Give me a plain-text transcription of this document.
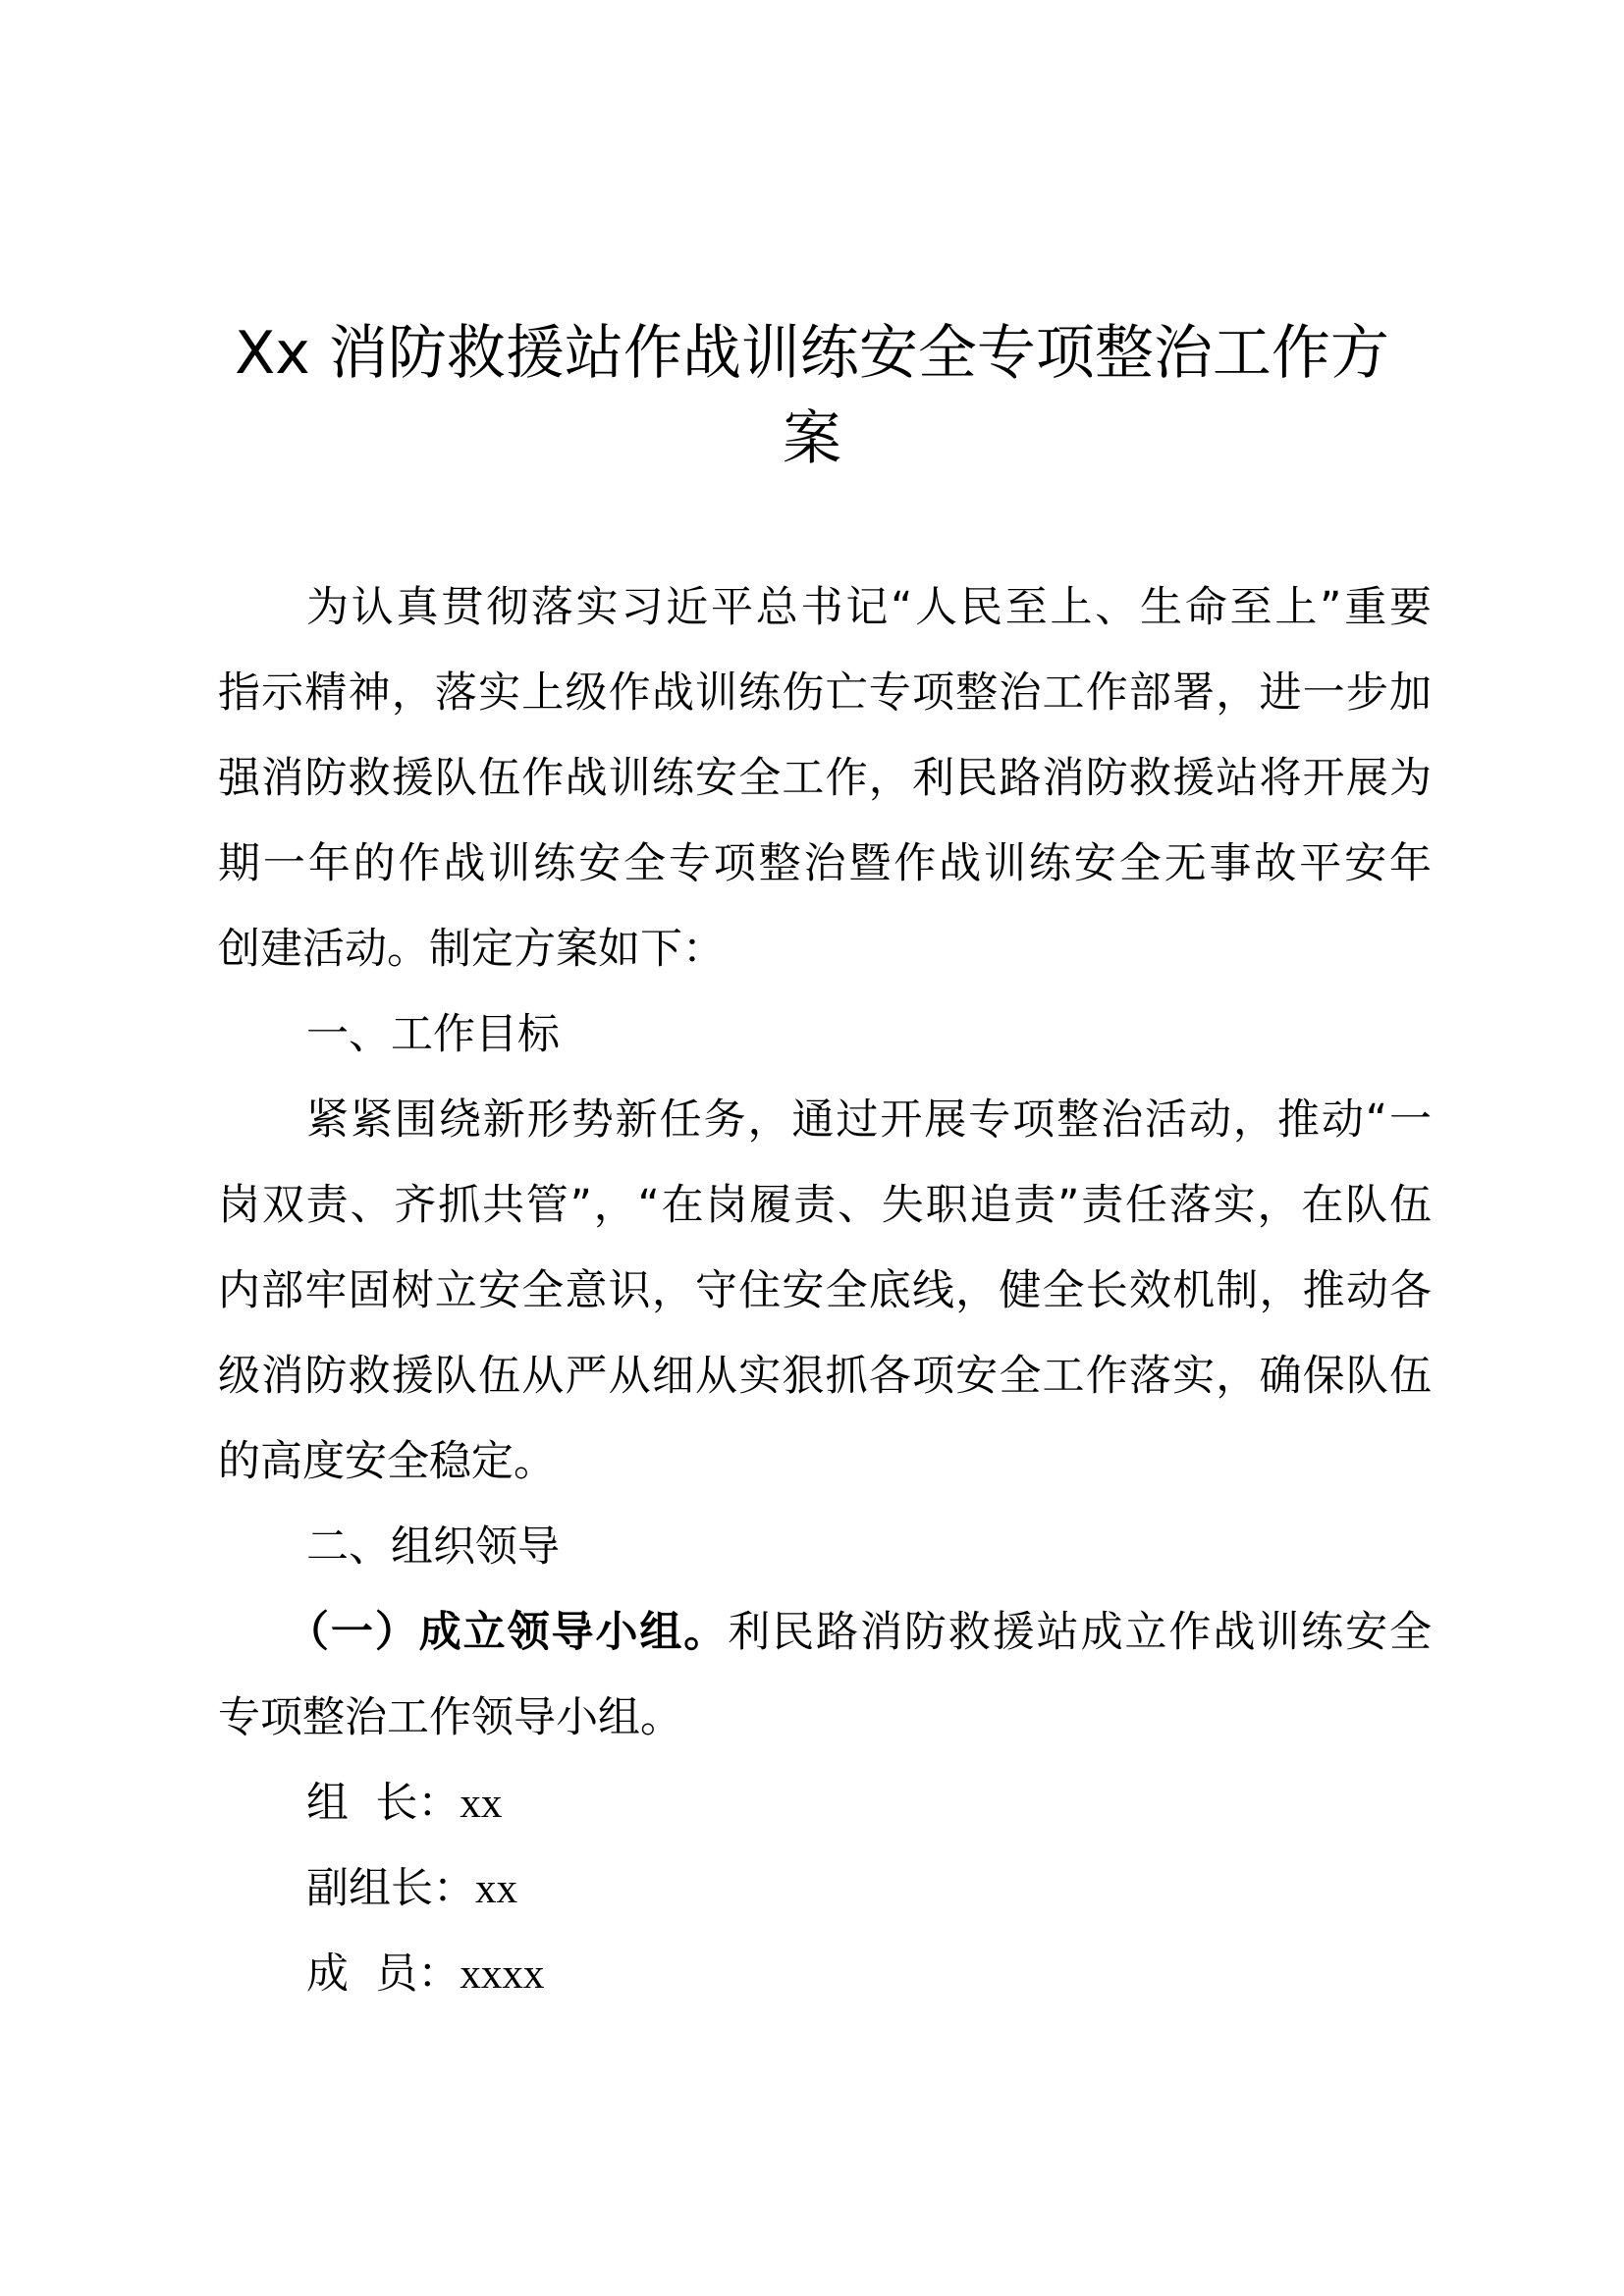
Xx 消防救援站作战训练安全专项整治工作方
案
为认真贯彻落实习近平总书记“人民至上、生命至上”重要
指示精神，落实上级作战训练伤亡专项整治工作部署，进一步加
强消防救援队伍作战训练安全工作，利民路消防救援站将开展为
期一年的作战训练安全专项整治暨作战训练安全无事故平安年
创建活动。制定方案如下：
一、工作目标
紧紧围绕新形势新任务，通过开展专项整治活动，推动“一
岗双责、齐抓共管”，“在岗履责、失职追责”责任落实，在队伍
内部牢固树立安全意识，守住安全底线，健全长效机制，推动各
级消防救援队伍从严从细从实狠抓各项安全工作落实，确保队伍
的高度安全稳定。
二、组织领导
（一）成立领导小组。利民路消防救援站成立作战训练安全
专项整治工作领导小组。
组  长：xx
副组长：xx
成  员：xxxx
